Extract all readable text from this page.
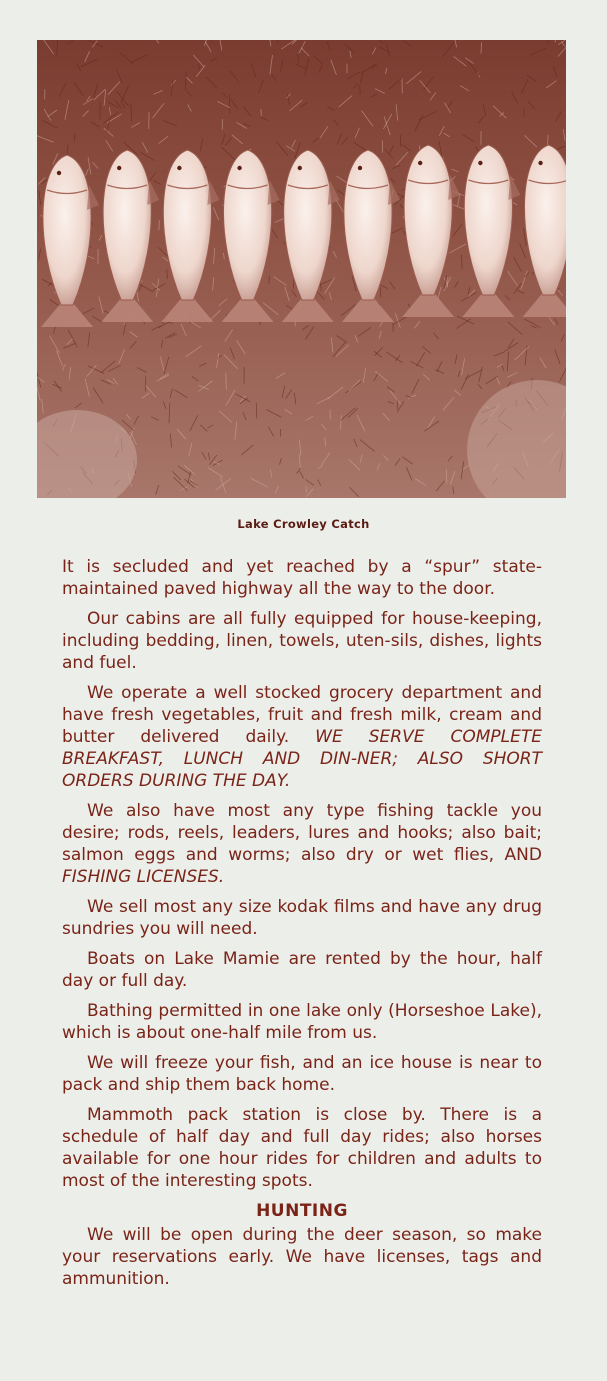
Lake Crowley Catch

It is secluded and yet reached by a “spur” state-maintained paved highway all the way to the door.

Our cabins are all fully equipped for house-keeping, including bedding, linen, towels, uten-sils, dishes, lights and fuel.

We operate a well stocked grocery department and have fresh vegetables, fruit and fresh milk, cream and butter delivered daily. WE SERVE COMPLETE BREAKFAST, LUNCH AND DIN-NER; ALSO SHORT ORDERS DURING THE DAY.

We also have most any type fishing tackle you desire; rods, reels, leaders, lures and hooks; also bait; salmon eggs and worms; also dry or wet flies, AND FISHING LICENSES.

We sell most any size kodak films and have any drug sundries you will need.

Boats on Lake Mamie are rented by the hour, half day or full day.

Bathing permitted in one lake only (Horseshoe Lake), which is about one-half mile from us.

We will freeze your fish, and an ice house is near to pack and ship them back home.

Mammoth pack station is close by. There is a schedule of half day and full day rides; also horses available for one hour rides for children and adults to most of the interesting spots.

HUNTING

We will be open during the deer season, so make your reservations early. We have licenses, tags and ammunition.
